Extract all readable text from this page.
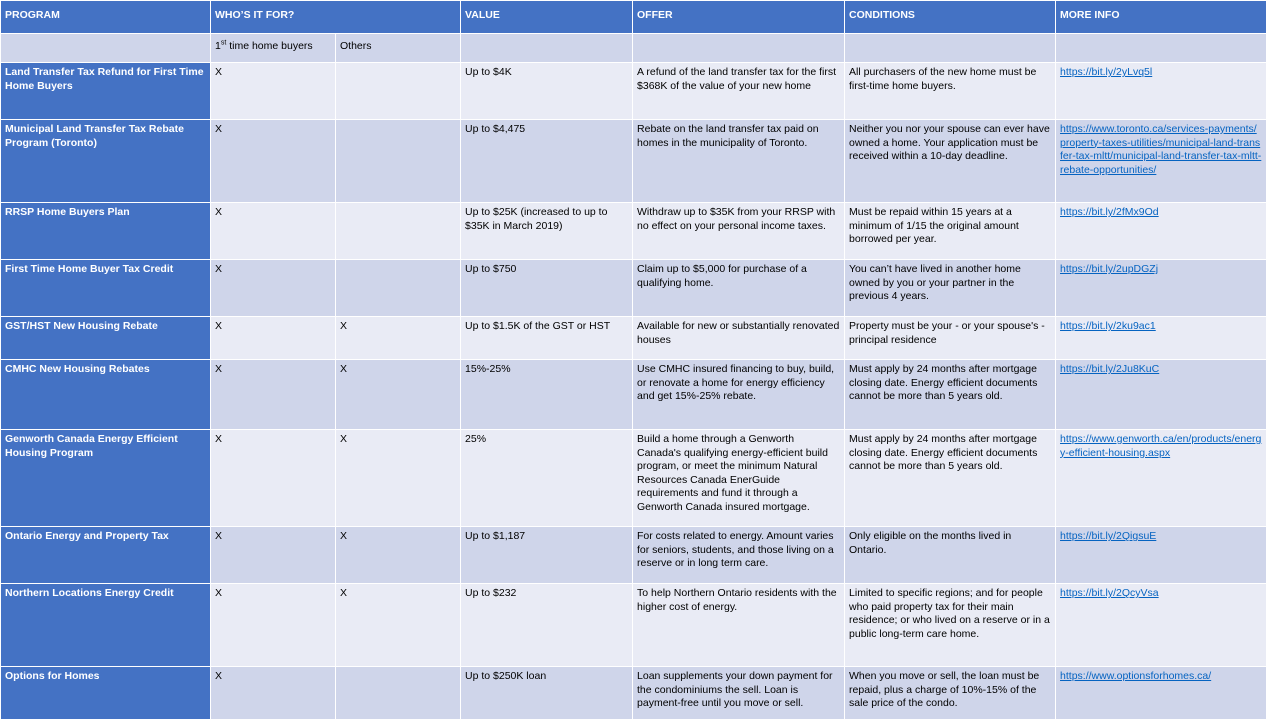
PROGRAM	WHO’S IT FOR?		VALUE	OFFER	CONDITIONS	MORE INFO
	1st time home buyers	Others				
Land Transfer Tax Refund for First Time Home Buyers	X		Up to $4K	A refund of the land transfer tax for the first $368K of the value of your new home	All purchasers of the new home must be first-time home buyers.	https://bit.ly/2yLvq5l
Municipal Land Transfer Tax Rebate Program (Toronto)	X		Up to $4,475	Rebate on the land transfer tax paid on homes in the municipality of Toronto.	Neither you nor your spouse can ever have owned a home. Your application must be received within a 10-day deadline.	https://www.toronto.ca/services-payments/property-taxes-utilities/municipal-land-transfer-tax-mltt/municipal-land-transfer-tax-mltt-rebate-opportunities/
RRSP Home Buyers Plan	X		Up to $25K (increased to up to $35K in March 2019)	Withdraw up to $35K from your RRSP with no effect on your personal income taxes.	Must be repaid within 15 years at a minimum of 1/15 the original amount borrowed per year.	https://bit.ly/2fMx9Od
First Time Home Buyer Tax Credit	X		Up to $750	Claim up to $5,000 for purchase of a qualifying home.	You can’t have lived in another home owned by you or your partner in the previous 4 years.	https://bit.ly/2upDGZj
GST/HST New Housing Rebate	X	X	Up to $1.5K of the GST or HST	Available for new or substantially renovated houses	Property must be your - or your spouse's - principal residence	https://bit.ly/2ku9ac1
CMHC New Housing Rebates	X	X	15%-25%	Use CMHC insured financing to buy, build, or renovate a home for energy efficiency and get 15%-25% rebate.	Must apply by 24 months after mortgage closing date. Energy efficient documents cannot be more than 5 years old.	https://bit.ly/2Ju8KuC
Genworth Canada Energy Efficient Housing Program	X	X	25%	Build a home through a Genworth Canada's qualifying energy-efficient build program, or meet the minimum Natural Resources Canada EnerGuide requirements and fund it through a Genworth Canada insured mortgage.	Must apply by 24 months after mortgage closing date. Energy efficient documents cannot be more than 5 years old.	https://www.genworth.ca/en/products/energy-efficient-housing.aspx
Ontario Energy and Property Tax	X	X	Up to $1,187	For costs related to energy. Amount varies for seniors, students, and those living on a reserve or in long term care.	Only eligible on the months lived in Ontario.	https://bit.ly/2QigsuE
Northern Locations Energy Credit	X	X	Up to $232	To help Northern Ontario residents with the higher cost of energy.	Limited to specific regions; and for people who paid property tax for their main residence; or who lived on a reserve or in a public long-term care home.	https://bit.ly/2QcyVsa
Options for Homes	X		Up to $250K loan	Loan supplements your down payment for the condominiums the sell. Loan is payment-free until you move or sell.	When you move or sell, the loan must be repaid, plus a charge of 10%-15% of the sale price of the condo.	https://www.optionsforhomes.ca/
